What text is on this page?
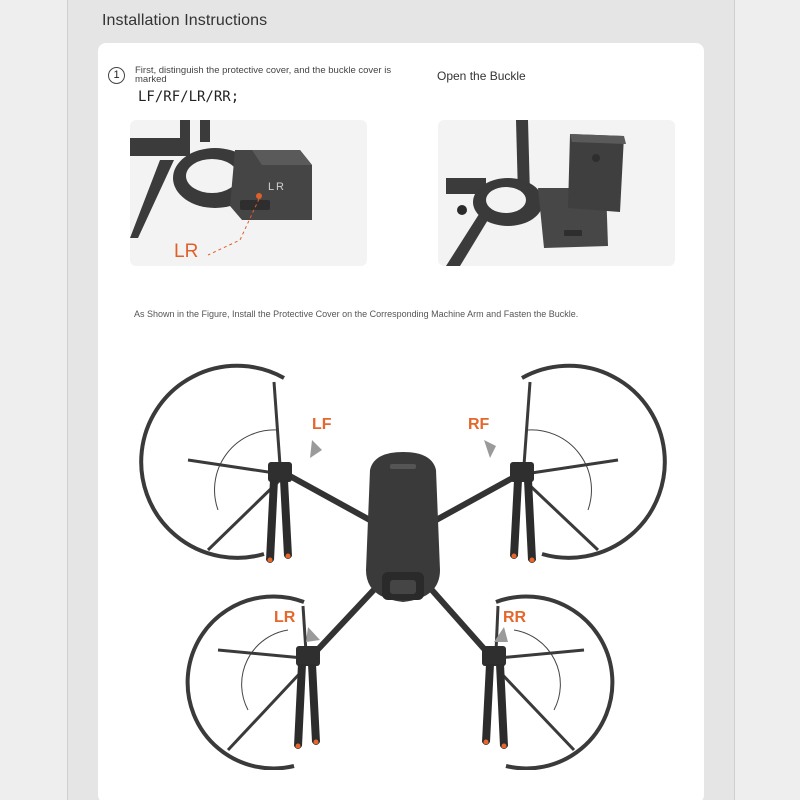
Installation Instructions
1	First, distinguish the protective cover, and the buckle cover is marked
LF/RF/LR/RR;
Open the Buckle
L R
LR
As Shown in the Figure, Install the Protective Cover on the Corresponding Machine Arm and Fasten the Buckle.
LF	RF
LR	RR
